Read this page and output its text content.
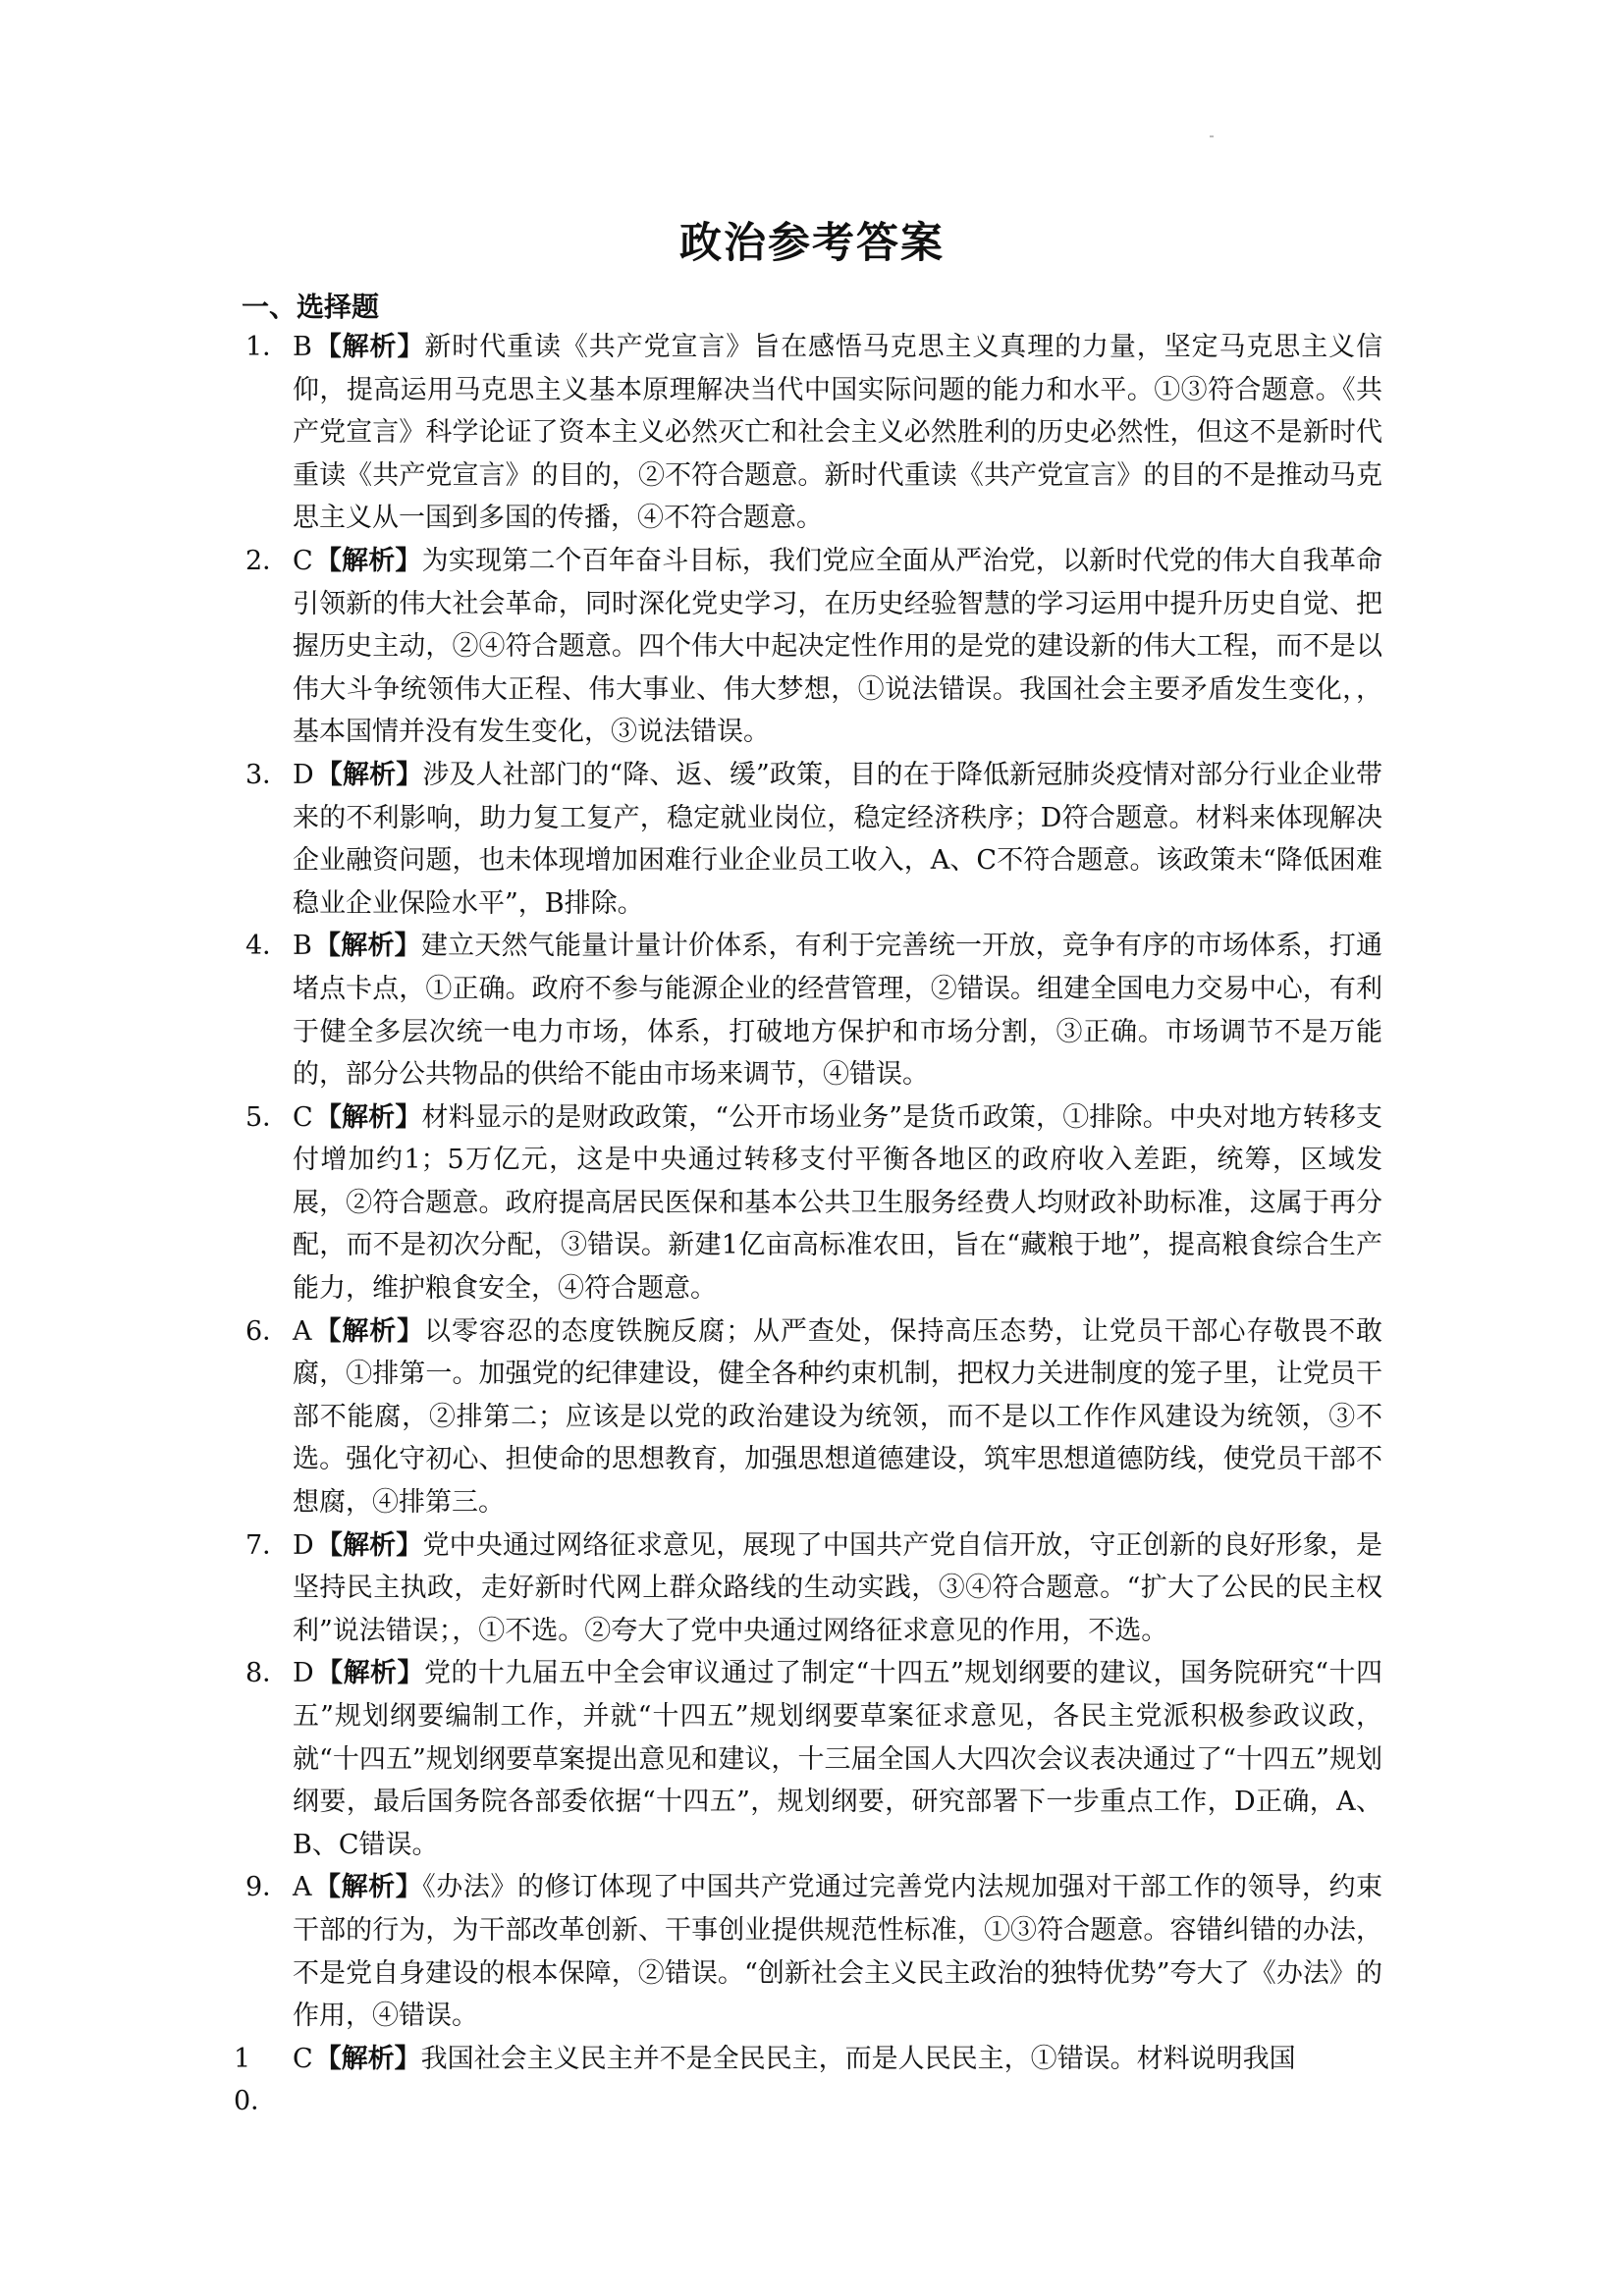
政治参考答案
一、选择题
1． B【解析】新时代重读《共产党宣言》旨在感悟马克思主义真理的力量，坚定马克思主义信仰，提高运用马克思主义基本原理解决当代中国实际问题的能力和水平。①③符合题意。《共产党宣言》科学论证了资本主义必然灭亡和社会主义必然胜利的历史必然性，但这不是新时代重读《共产党宣言》的目的，②不符合题意。新时代重读《共产党宣言》的目的不是推动马克思主义从一国到多国的传播，④不符合题意。
2． C【解析】为实现第二个百年奋斗目标，我们党应全面从严治党，以新时代党的伟大自我革命引领新的伟大社会革命，同时深化党史学习，在历史经验智慧的学习运用中提升历史自觉、把握历史主动，②④符合题意。四个伟大中起决定性作用的是党的建设新的伟大工程，而不是以伟大斗争统领伟大正程、伟大事业、伟大梦想，①说法错误。我国社会主要矛盾发生变化，，基本国情并没有发生变化，③说法错误。
3． D【解析】涉及人社部门的“降、返、缓”政策，目的在于降低新冠肺炎疫情对部分行业企业带来的不利影响，助力复工复产，稳定就业岗位，稳定经济秩序；D符合题意。材料来体现解决企业融资问题，也未体现增加困难行业企业员工收入，A、C不符合题意。该政策未“降低困难稳业企业保险水平”，B排除。
4． B【解析】建立天然气能量计量计价体系，有利于完善统一开放，竞争有序的市场体系，打通堵点卡点，①正确。政府不参与能源企业的经营管理，②错误。组建全国电力交易中心，有利于健全多层次统一电力市场，体系，打破地方保护和市场分割，③正确。市场调节不是万能的，部分公共物品的供给不能由市场来调节，④错误。
5． C【解析】材料显示的是财政政策，“公开市场业务”是货币政策，①排除。中央对地方转移支付增加约1；5万亿元，这是中央通过转移支付平衡各地区的政府收入差距，统筹，区域发展，②符合题意。政府提高居民医保和基本公共卫生服务经费人均财政补助标准，这属于再分配，而不是初次分配，③错误。新建1亿亩高标准农田，旨在“藏粮于地”，提高粮食综合生产能力，维护粮食安全，④符合题意。
6． A【解析】以零容忍的态度铁腕反腐；从严查处，保持高压态势，让党员干部心存敬畏不敢腐，①排第一。加强党的纪律建设，健全各种约束机制，把权力关进制度的笼子里，让党员干部不能腐，②排第二；应该是以党的政治建设为统领，而不是以工作作风建设为统领，③不选。强化守初心、担使命的思想教育，加强思想道德建设，筑牢思想道德防线，使党员干部不想腐，④排第三。
7． D【解析】党中央通过网络征求意见，展现了中国共产党自信开放，守正创新的良好形象，是坚持民主执政，走好新时代网上群众路线的生动实践，③④符合题意。“扩大了公民的民主权利”说法错误；，①不选。②夸大了党中央通过网络征求意见的作用，不选。
8． D【解析】党的十九届五中全会审议通过了制定“十四五”规划纲要的建议，国务院研究“十四五”规划纲要编制工作，并就“十四五”规划纲要草案征求意见，各民主党派积极参政议政，就“十四五”规划纲要草案提出意见和建议，十三届全国人大四次会议表决通过了“十四五”规划纲要，最后国务院各部委依据“十四五”，规划纲要，研究部署下一步重点工作，D正确，A、B、C错误。
9． A【解析】《办法》的修订体现了中国共产党通过完善党内法规加强对干部工作的领导，约束干部的行为，为干部改革创新、干事创业提供规范性标准，①③符合题意。容错纠错的办法，不是党自身建设的根本保障，②错误。“创新社会主义民主政治的独特优势”夸大了《办法》的作用，④错误。
10．
C【解析】我国社会主义民主并不是全民民主，而是人民民主，①错误。材料说明我国
